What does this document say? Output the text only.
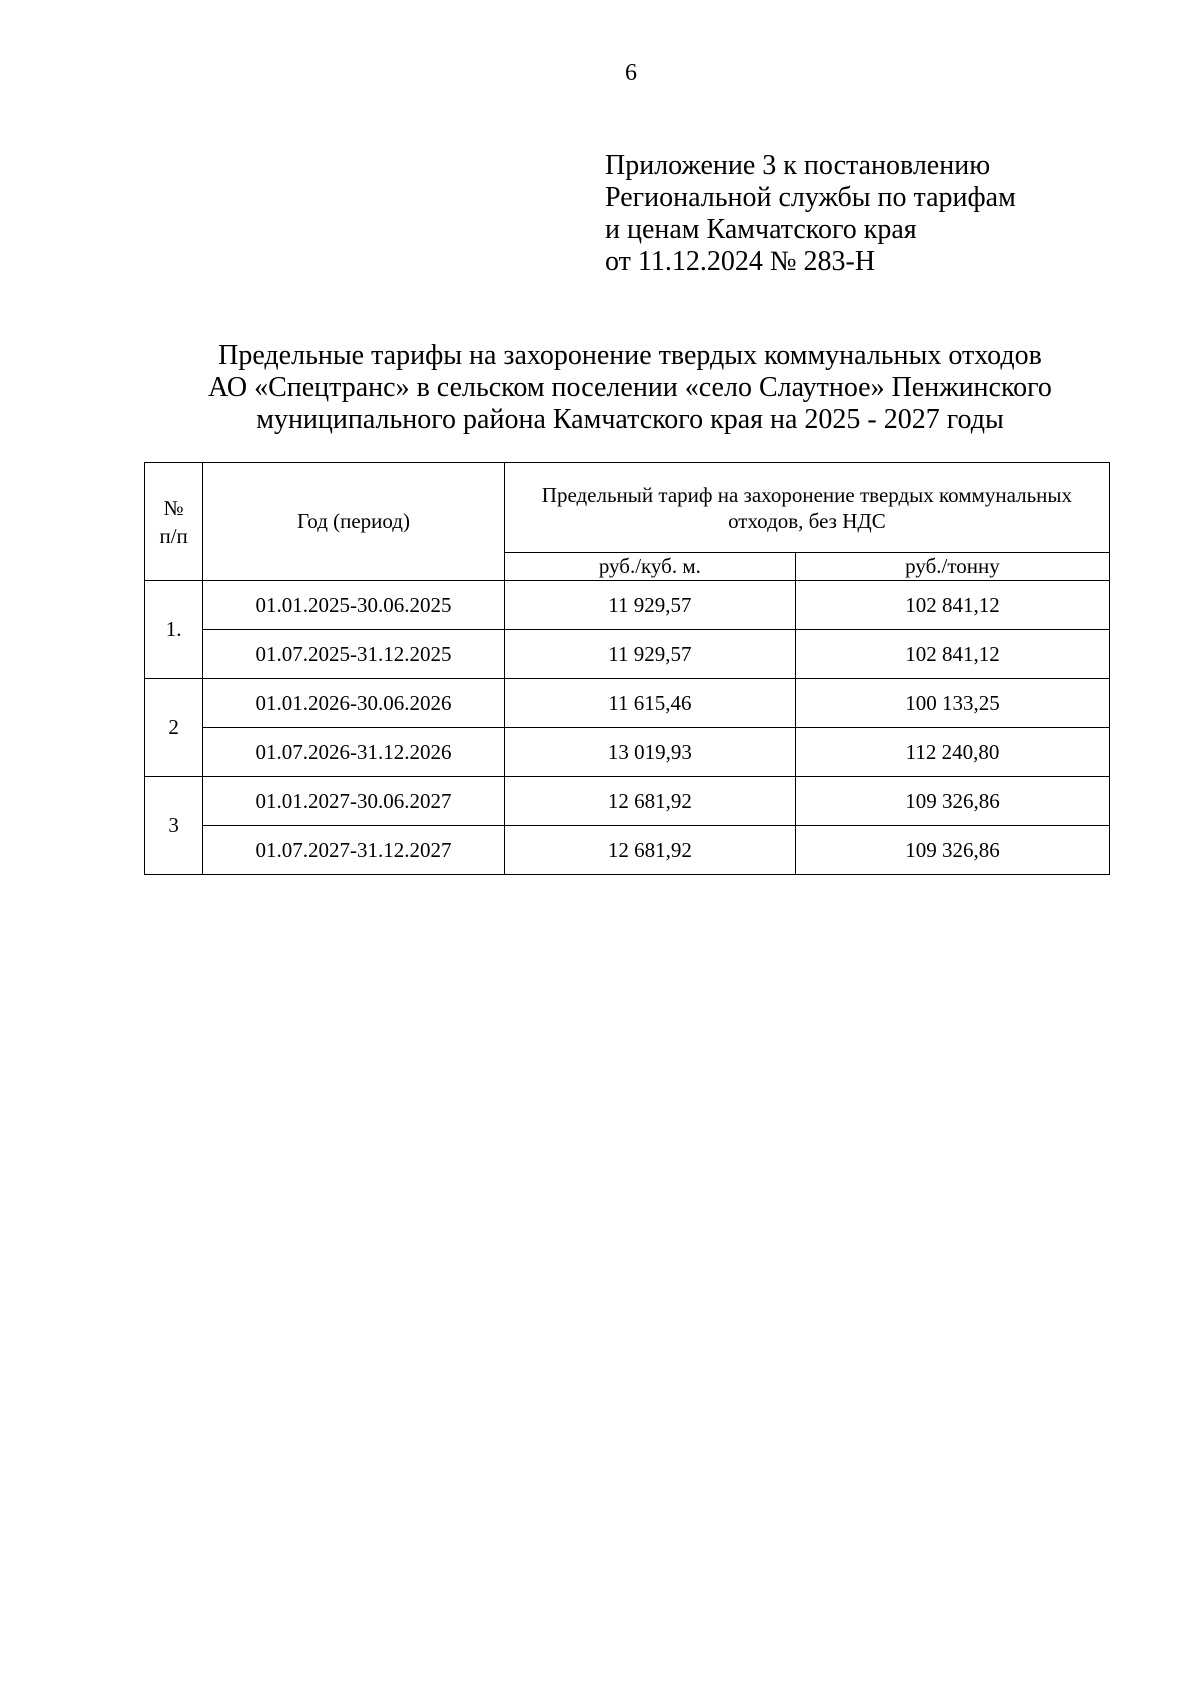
6
Приложение 3 к постановлению
Региональной службы по тарифам
и ценам Камчатского края
от 11.12.2024 № 283-Н
Предельные тарифы на захоронение твердых коммунальных отходов
АО «Спецтранс» в сельском поселении «село Слаутное» Пенжинского
муниципального района Камчатского края на 2025 - 2027 годы
№
п/п	Год (период)	Предельный тариф на захоронение твердых коммунальных отходов, без НДС	
		руб./куб. м.	руб./тонну
1.	01.01.2025-30.06.2025	11 929,57	102 841,12
	01.07.2025-31.12.2025	11 929,57	102 841,12
2	01.01.2026-30.06.2026	11 615,46	100 133,25
	01.07.2026-31.12.2026	13 019,93	112 240,80
3	01.01.2027-30.06.2027	12 681,92	109 326,86
	01.07.2027-31.12.2027	12 681,92	109 326,86
